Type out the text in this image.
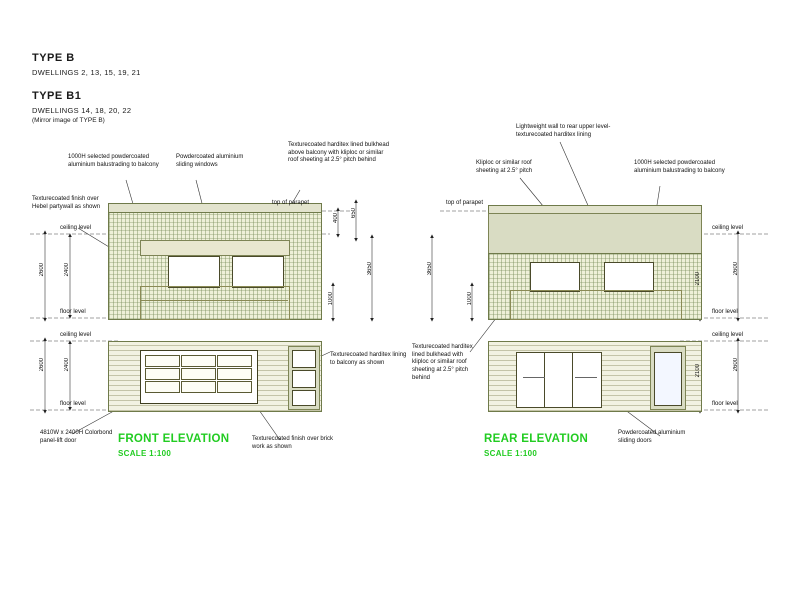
TYPE B
DWELLINGS 2, 13, 15, 19, 21
TYPE B1
DWELLINGS 14, 18, 20, 22
(Mirror image of TYPE B)
top of parapet
ceiling level
floor level
ceiling level
floor level
2600	2400
2600	2400
400 650
3650
1000
1000H selected powdercoated aluminium balustrading to balcony
Powdercoated aluminium sliding windows
Texturecoated harditex lined bulkhead above balcony with kliploc or similar roof sheeting at 2.5° pitch behind
Texturecoated finish over Hebel partywall as shown
Texturecoated harditex lining to balcony as shown
4810W x 2400H Colorbond panel-lift door	Texturecoated finish over brick work as shown
FRONT ELEVATION
SCALE 1:100
top of parapet
ceiling level
floor level
ceiling level
floor level
3650
1000
2100
2600
2100	2600
Lightweight wall to rear upper level- texturecoated harditex lining
Kliploc or similar roof sheeting at 2.5° pitch
1000H selected powdercoated aluminium balustrading to balcony
Texturecoated harditex lined bulkhead with kliploc or similar roof sheeting at 2.5° pitch behind
Powdercoated aluminium sliding doors
REAR ELEVATION
SCALE 1:100
